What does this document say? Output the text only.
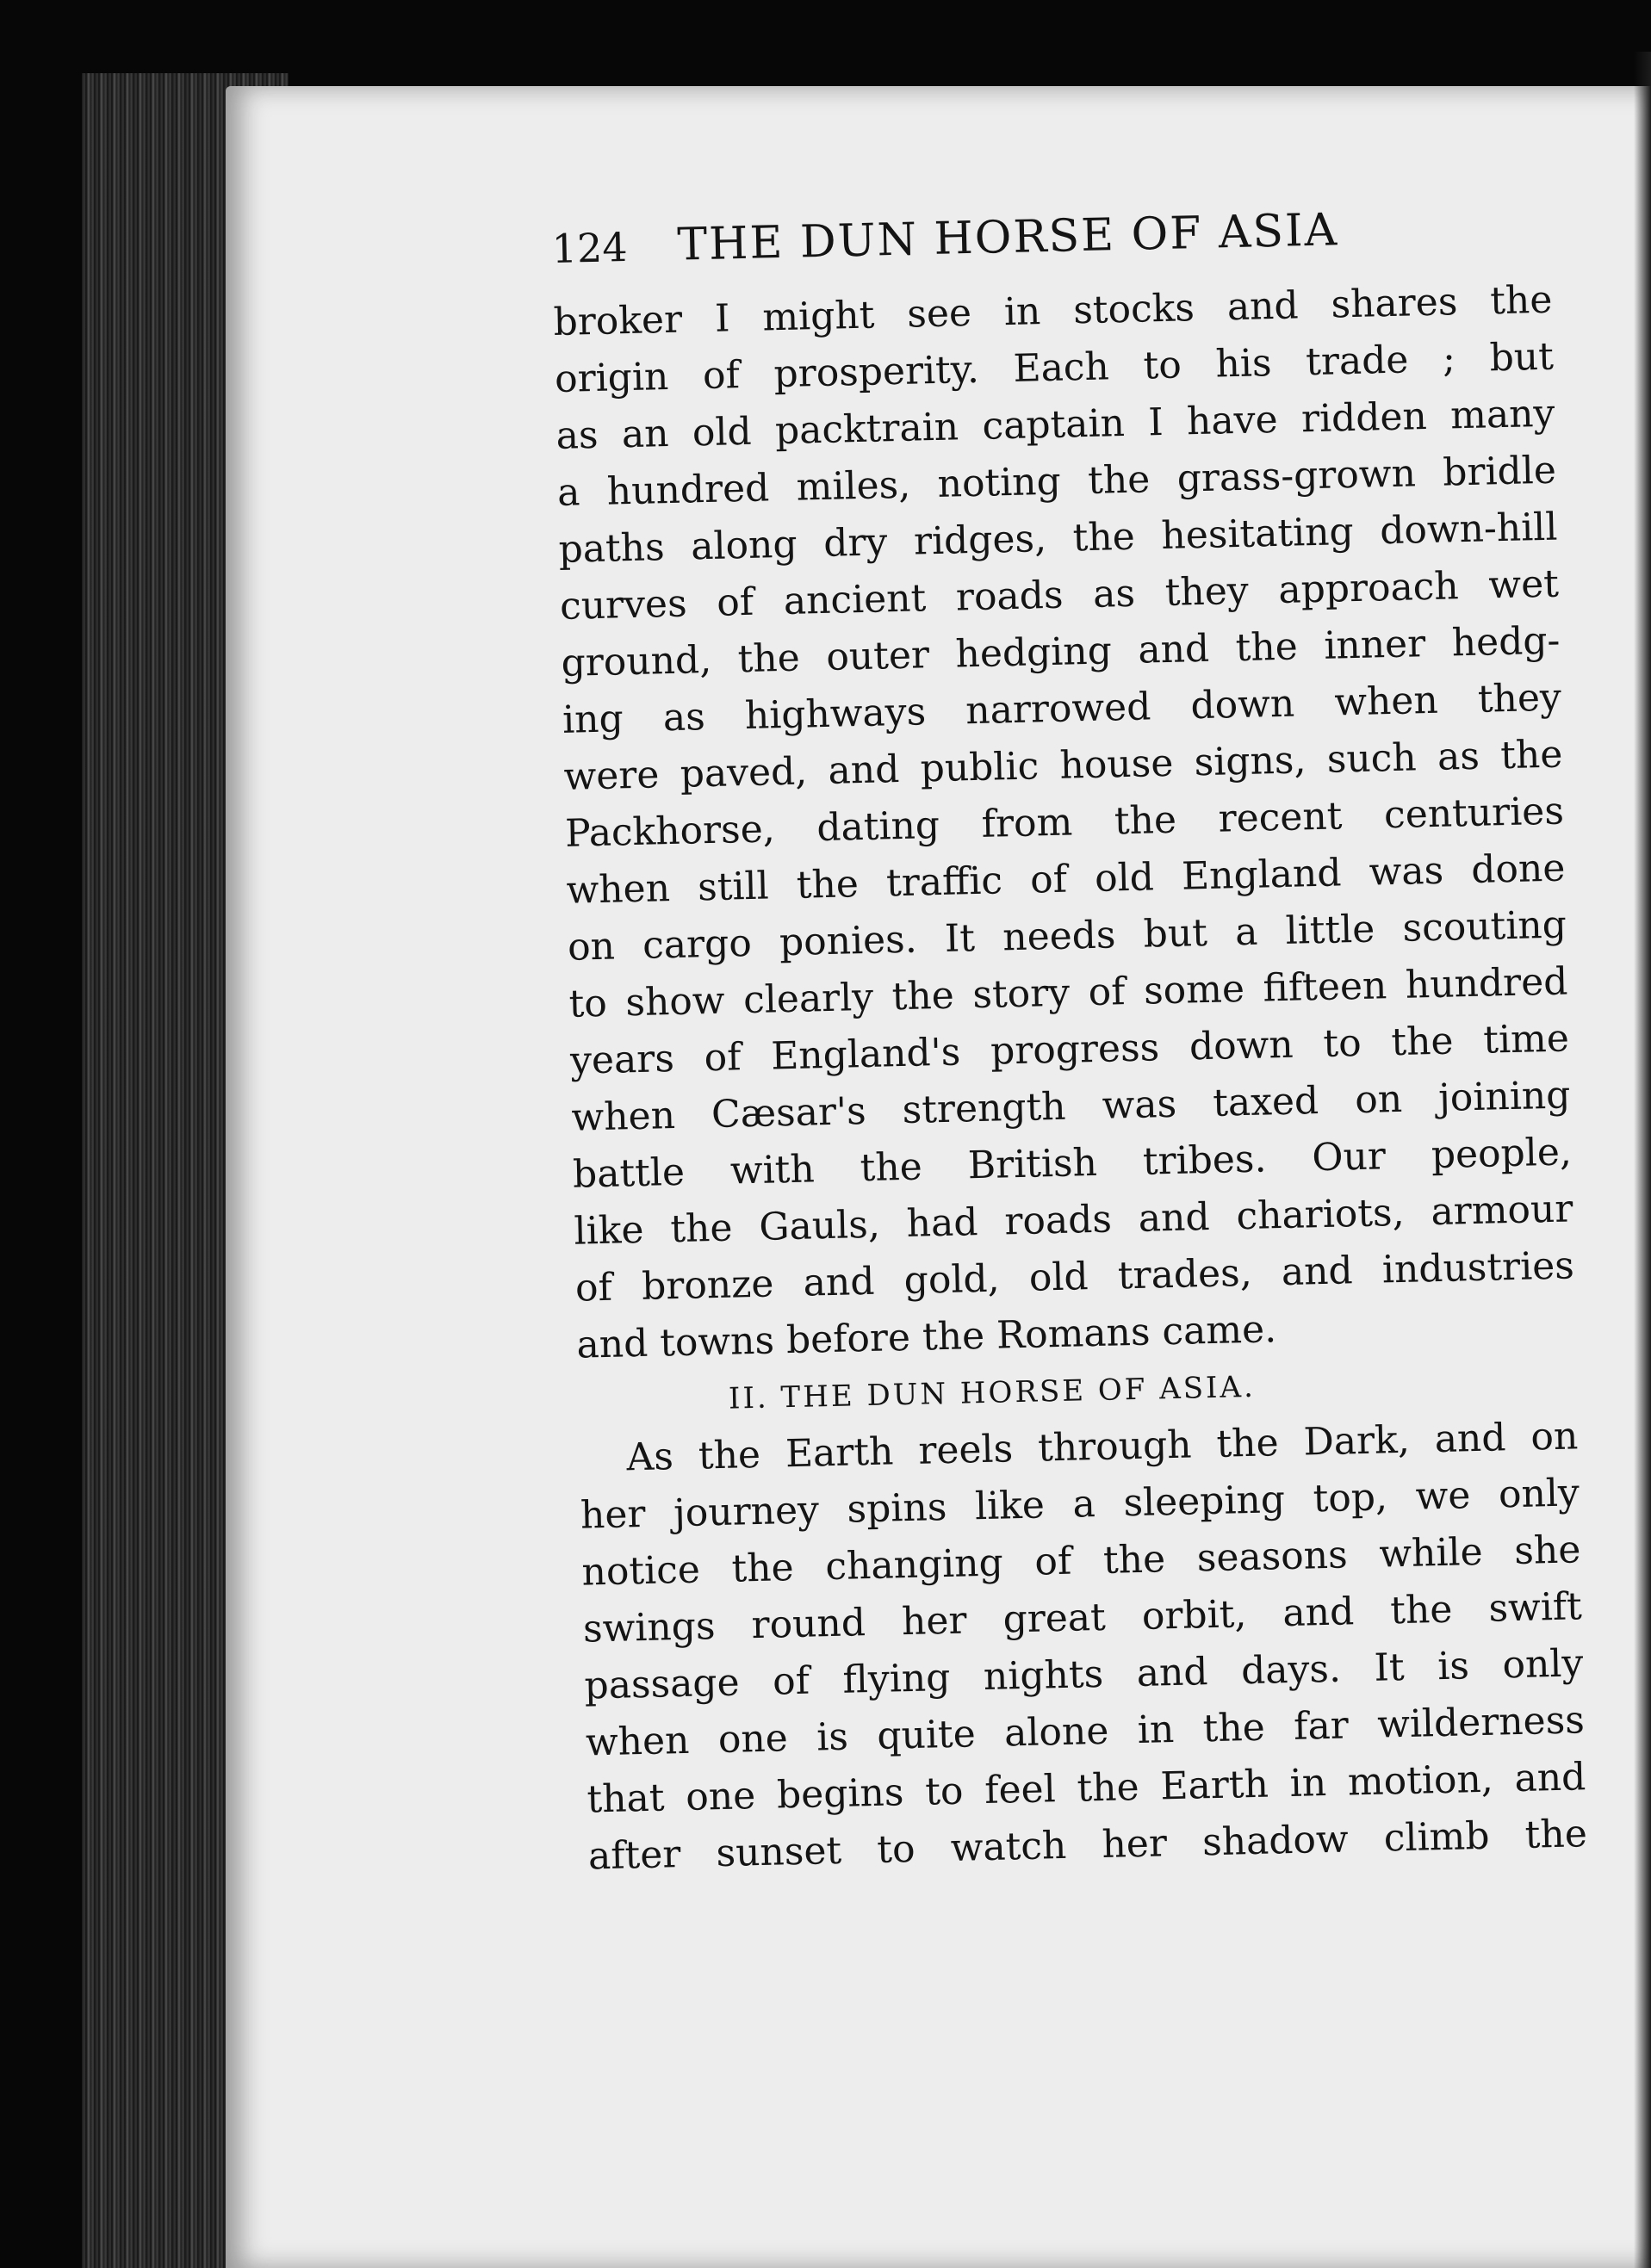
124 THE DUN HORSE OF ASIA
broker I might see in stocks and shares the
origin of prosperity. Each to his trade ; but
as an old packtrain captain I have ridden many
a hundred miles, noting the grass-grown bridle
paths along dry ridges, the hesitating down-hill
curves of ancient roads as they approach wet
ground, the outer hedging and the inner hedg-
ing as highways narrowed down when they
were paved, and public house signs, such as the
Packhorse, dating from the recent centuries
when still the traffic of old England was done
on cargo ponies. It needs but a little scouting
to show clearly the story of some fifteen hundred
years of England's progress down to the time
when Cæsar's strength was taxed on joining
battle with the British tribes. Our people,
like the Gauls, had roads and chariots, armour
of bronze and gold, old trades, and industries
and towns before the Romans came.
II. THE DUN HORSE OF ASIA.
As the Earth reels through the Dark, and on
her journey spins like a sleeping top, we only
notice the changing of the seasons while she
swings round her great orbit, and the swift
passage of flying nights and days. It is only
when one is quite alone in the far wilderness
that one begins to feel the Earth in motion, and
after sunset to watch her shadow climb the
